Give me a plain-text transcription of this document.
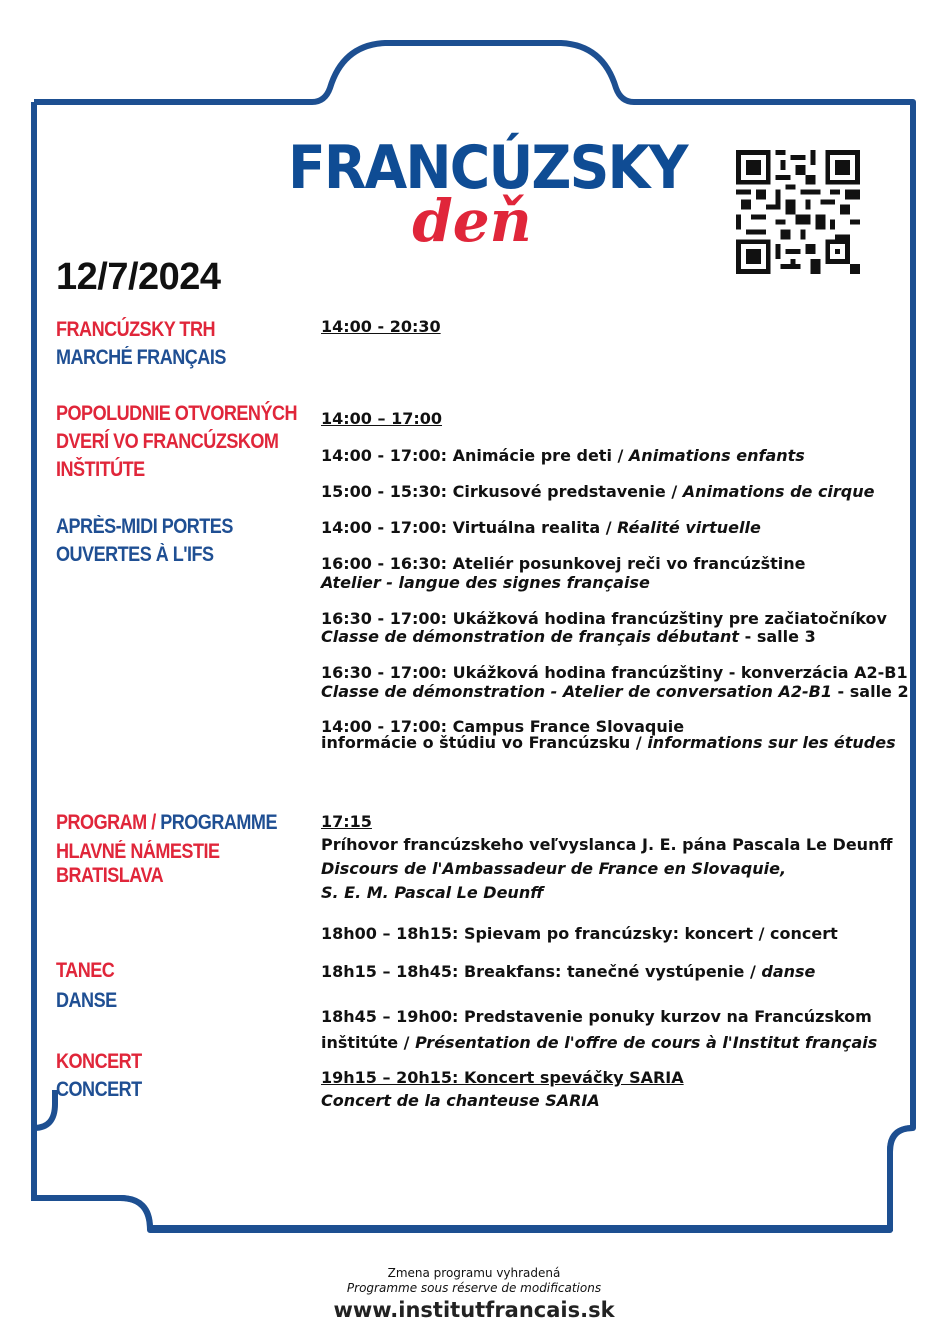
FRANCÚZSKY
deň
12/7/2024
FRANCÚZSKY TRH
MARCHÉ FRANÇAIS
POPOLUDNIE OTVORENÝCH
DVERÍ VO FRANCÚZSKOM
INŠTITÚTE
APRÈS-MIDI PORTES
OUVERTES À L'IFS
PROGRAM / PROGRAMME
HLAVNÉ NÁMESTIE
BRATISLAVA
TANEC
DANSE
KONCERT
CONCERT
14:00 - 20:30
14:00 – 17:00
14:00 - 17:00: Animácie pre deti / Animations enfants
15:00 - 15:30: Cirkusové predstavenie / Animations de cirque
14:00 - 17:00: Virtuálna realita / Réalité virtuelle
16:00 - 16:30: Ateliér posunkovej reči vo francúzštine
Atelier - langue des signes française
16:30 - 17:00: Ukážková hodina francúzštiny pre začiatočníkov
Classe de démonstration de français débutant - salle 3
16:30 - 17:00: Ukážková hodina francúzštiny - konverzácia A2-B1
Classe de démonstration - Atelier de conversation A2-B1 - salle 2
14:00 - 17:00: Campus France Slovaquie
informácie o štúdiu vo Francúzsku / informations sur les études
17:15
Príhovor francúzskeho veľvyslanca J. E. pána Pascala Le Deunff
Discours de l'Ambassadeur de France en Slovaquie,
S. E. M. Pascal Le Deunff
18h00 – 18h15: Spievam po francúzsky: koncert / concert
18h15 – 18h45: Breakfans: tanečné vystúpenie / danse
18h45 – 19h00: Predstavenie ponuky kurzov na Francúzskom
inštitúte / Présentation de l'offre de cours à l'Institut français
19h15 – 20h15: Koncert speváčky SARIA
Concert de la chanteuse SARIA
Zmena programu vyhradená
Programme sous réserve de modifications
www.institutfrancais.sk
